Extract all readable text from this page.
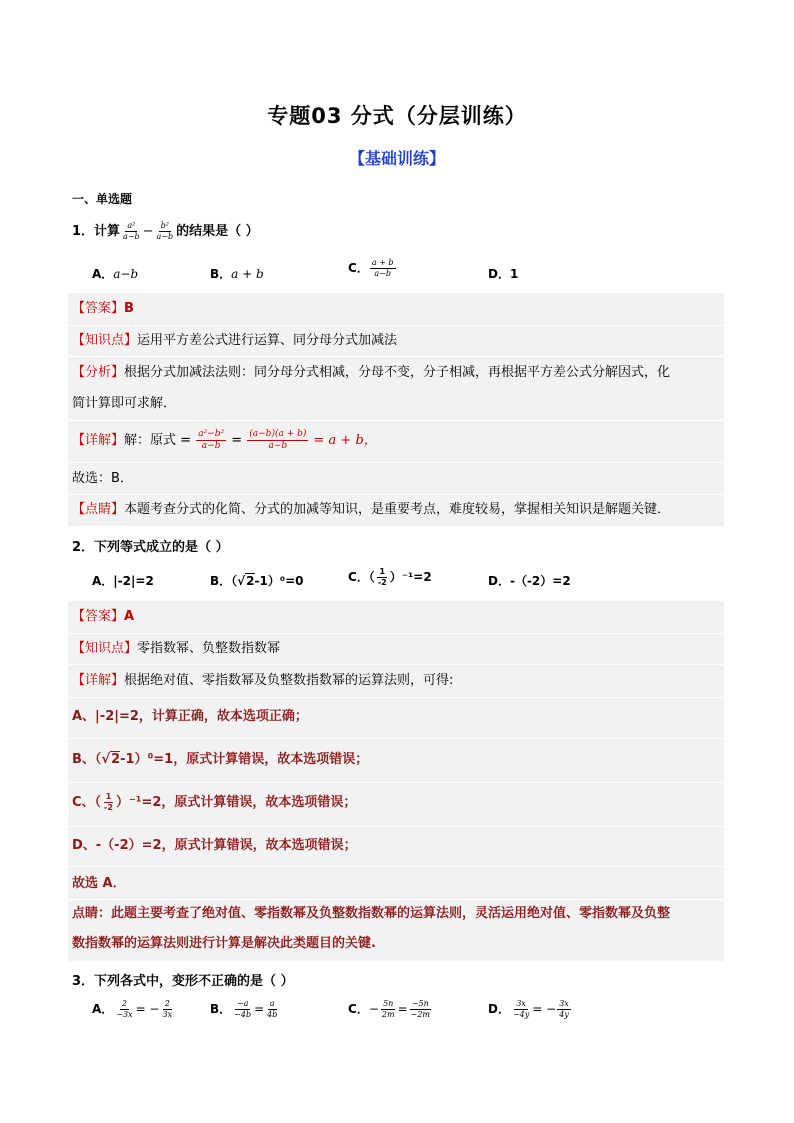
专题03 分式（分层训练）
【基础训练】
一、单选题
1．计算 $\frac{\text{a²}}{a-b} - \frac{\text{b²}}{a-b}$ 的结果是（ ）
A．a−b	B．a + b	C． $\frac{a + b}{a-b}$	D．1
【答案】B
【知识点】运用平方差公式进行运算、同分母分式加减法
【分析】根据分式加减法法则：同分母分式相减，分母不变，分子相减，再根据平方差公式分解因式，化
简计算即可求解．
【详解】解：原式 = $\frac{\text{a²−b²}}{a-b} = \frac{(a-b)(a + b)}{a-b} = a + b$，
故选：B．
【点睛】本题考查分式的化简、分式的加减等知识，是重要考点，难度较易，掌握相关知识是解题关键．
2．下列等式成立的是（ ）
A．|-2|=2	B．（√2-1）⁰=0	C．（ $\frac{1}{-2} )^{-1}=2$	D．-（-2）=2
【答案】A
【知识点】零指数幂、负整数指数幂
【详解】根据绝对值、零指数幂及负整数指数幂的运算法则，可得:
A、|-2|=2，计算正确，故本选项正确；
B、（√2-1）⁰=1，原式计算错误，故本选项错误；
C、（ $\frac{1}{-2} )^{-1}=2$，原式计算错误，故本选项错误；
D、-（-2）=2，原式计算错误，故本选项错误；
故选 A．
点睛：此题主要考查了绝对值、零指数幂及负整数指数幂的运算法则，灵活运用绝对值、零指数幂及负整
数指数幂的运算法则进行计算是解决此类题目的关键.
3．下列各式中，变形不正确的是（ ）
A． $\frac{2}{-3x}$ = − $\frac{2}{3x}$	B． $\frac{-a}{-4b} = \frac{a}{4b}$	C．− $\frac{5n}{2m} = \frac{-5n}{-2m}$	D． $\frac{3x}{-4y}$ = − $\frac{3x}{4y}$
